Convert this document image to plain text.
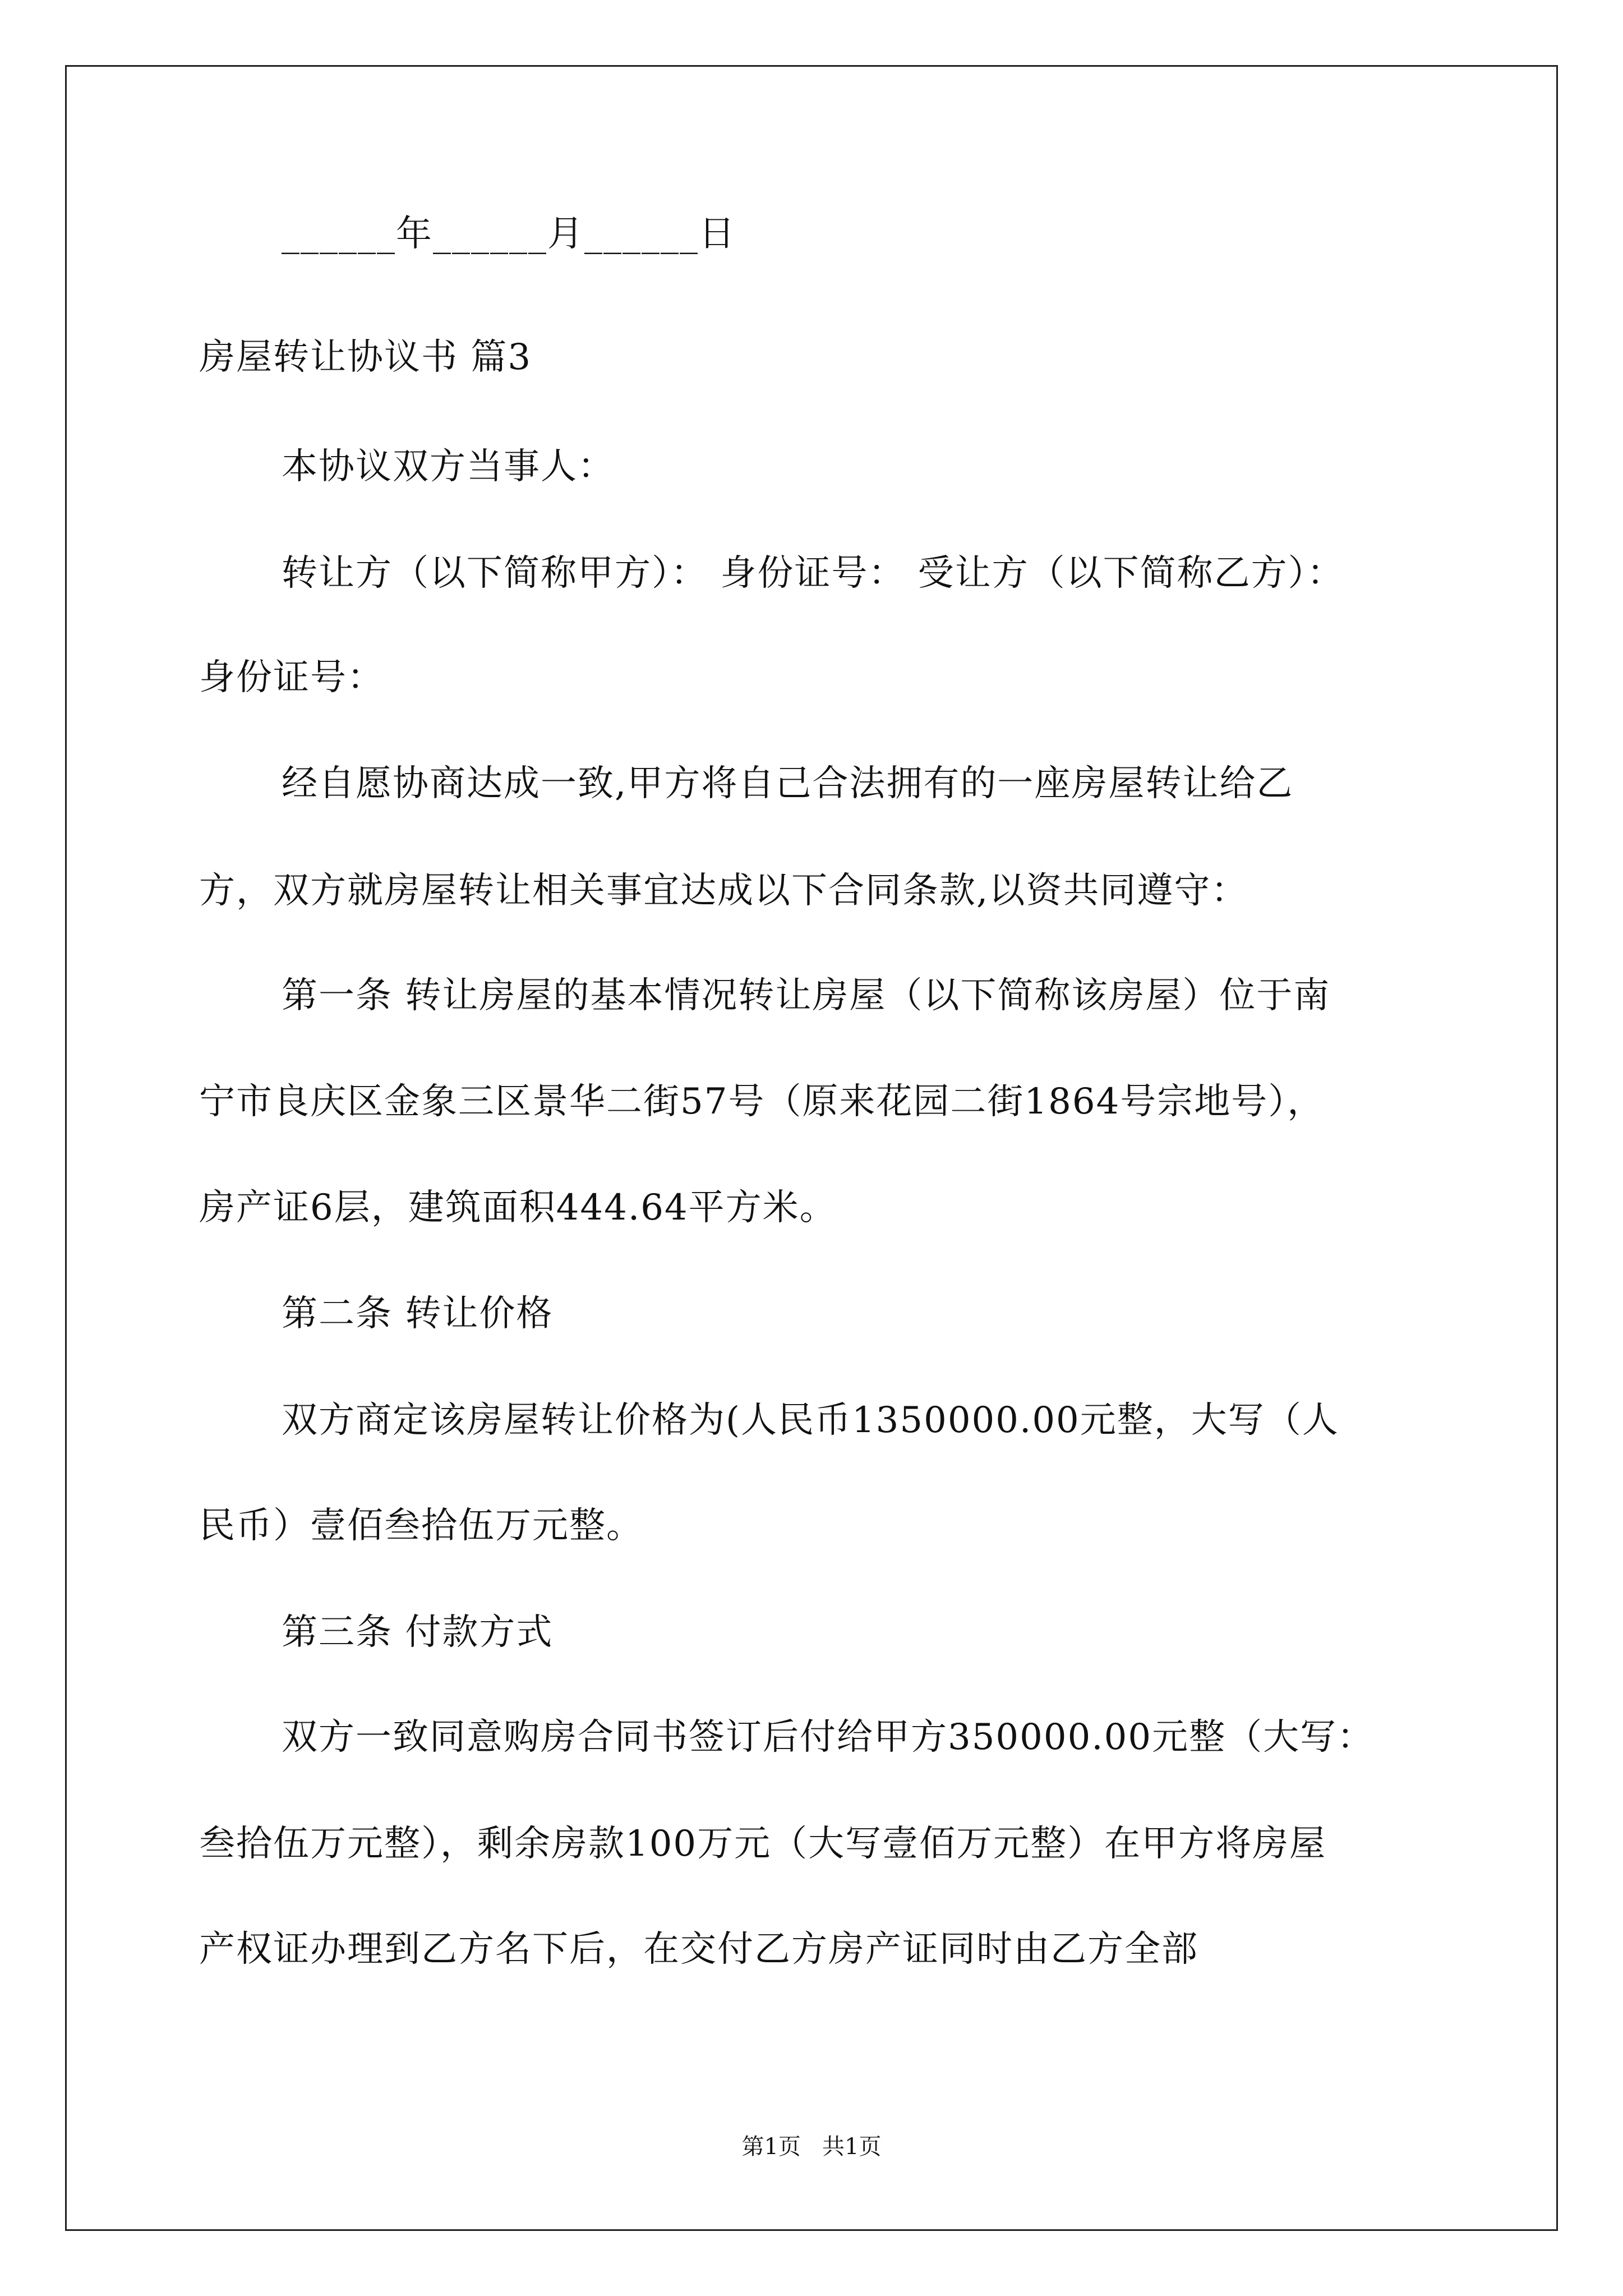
______年______月______日
房屋转让协议书 篇3
本协议双方当事人：
转让方（以下简称甲方）： 身份证号： 受让方（以下简称乙方）：
身份证号：
经自愿协商达成一致,甲方将自己合法拥有的一座房屋转让给乙
方，双方就房屋转让相关事宜达成以下合同条款,以资共同遵守：
第一条 转让房屋的基本情况转让房屋（以下简称该房屋）位于南
宁市良庆区金象三区景华二街57号（原来花园二街1864号宗地号），
房产证6层，建筑面积444.64平方米。
第二条 转让价格
双方商定该房屋转让价格为(人民币1350000.00元整，大写（人
民币）壹佰叁拾伍万元整。
第三条 付款方式
双方一致同意购房合同书签订后付给甲方350000.00元整（大写：
叁拾伍万元整），剩余房款100万元（大写壹佰万元整）在甲方将房屋
产权证办理到乙方名下后，在交付乙方房产证同时由乙方全部
第1页   共1页
